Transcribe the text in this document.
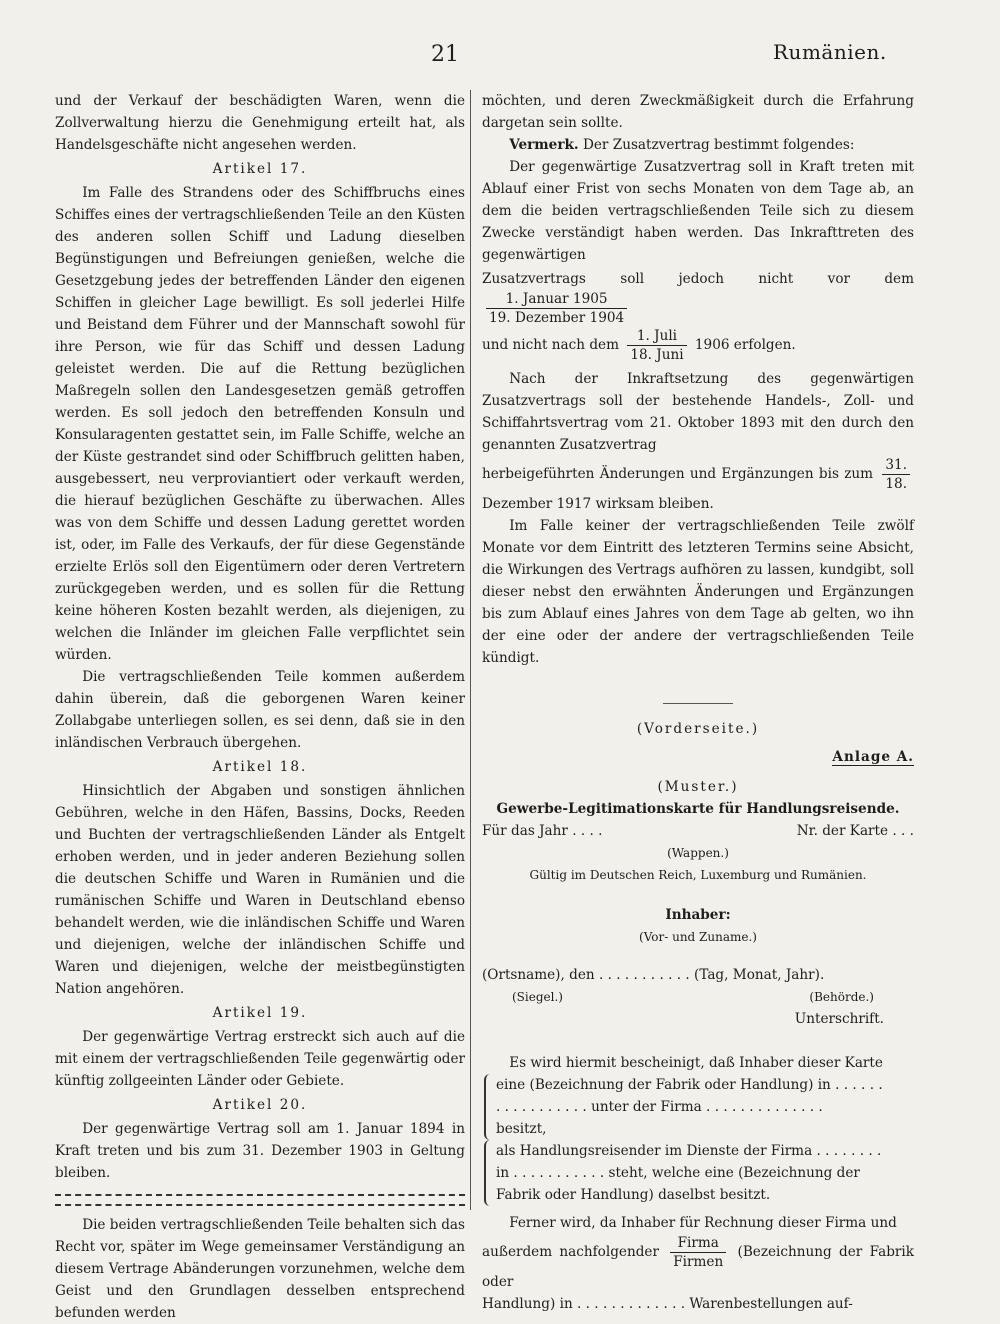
21	Rumänien.

und der Verkauf der beschädigten Waren, wenn die Zollverwaltung hierzu die Genehmigung erteilt hat, als Handelsgeschäfte nicht angesehen werden.

Artikel 17.

Im Falle des Strandens oder des Schiffbruchs eines Schiffes eines der vertragschließenden Teile an den Küsten des anderen sollen Schiff und Ladung dieselben Begünstigungen und Befreiungen genießen, welche die Gesetzgebung jedes der betreffenden Länder den eigenen Schiffen in gleicher Lage bewilligt. Es soll jederlei Hilfe und Beistand dem Führer und der Mannschaft sowohl für ihre Person, wie für das Schiff und dessen Ladung geleistet werden. Die auf die Rettung bezüglichen Maßregeln sollen den Landesgesetzen gemäß getroffen werden. Es soll jedoch den betreffenden Konsuln und Konsularagenten gestattet sein, im Falle Schiffe, welche an der Küste gestrandet sind oder Schiffbruch gelitten haben, ausgebessert, neu verproviantiert oder verkauft werden, die hierauf bezüglichen Geschäfte zu überwachen. Alles was von dem Schiffe und dessen Ladung gerettet worden ist, oder, im Falle des Verkaufs, der für diese Gegenstände erzielte Erlös soll den Eigentümern oder deren Vertretern zurückgegeben werden, und es sollen für die Rettung keine höheren Kosten bezahlt werden, als diejenigen, zu welchen die Inländer im gleichen Falle verpflichtet sein würden.

Die vertragschließenden Teile kommen außerdem dahin überein, daß die geborgenen Waren keiner Zollabgabe unterliegen sollen, es sei denn, daß sie in den inländischen Verbrauch übergehen.

Artikel 18.

Hinsichtlich der Abgaben und sonstigen ähnlichen Gebühren, welche in den Häfen, Bassins, Docks, Reeden und Buchten der vertragschließenden Länder als Entgelt erhoben werden, und in jeder anderen Beziehung sollen die deutschen Schiffe und Waren in Rumänien und die rumänischen Schiffe und Waren in Deutschland ebenso behandelt werden, wie die inländischen Schiffe und Waren und diejenigen, welche der inländischen Schiffe und Waren und diejenigen, welche der meistbegünstigten Nation angehören.

Artikel 19.

Der gegenwärtige Vertrag erstreckt sich auch auf die mit einem der vertragschließenden Teile gegenwärtig oder künftig zollgeeinten Länder oder Gebiete.

Artikel 20.

Der gegenwärtige Vertrag soll am 1. Januar 1894 in Kraft treten und bis zum 31. Dezember 1903 in Geltung bleiben.

Die beiden vertragschließenden Teile behalten sich das Recht vor, später im Wege gemeinsamer Verständigung an diesem Vertrage Abänderungen vorzunehmen, welche dem Geist und den Grundlagen desselben entsprechend befunden werden

möchten, und deren Zweckmäßigkeit durch die Erfahrung dargetan sein sollte.

Vermerk. Der Zusatzvertrag bestimmt folgendes:

Der gegenwärtige Zusatzvertrag soll in Kraft treten mit Ablauf einer Frist von sechs Monaten von dem Tage ab, an dem die beiden vertragschließenden Teile sich zu diesem Zwecke verständigt haben werden. Das Inkrafttreten des gegenwärtigen

Zusatzvertrags soll jedoch nicht vor dem
$\frac{\text{1. Januar 1905}}{\text{19. Dezember 1904}}$

und nicht nach dem $\frac{\text{1. Juli}}{\text{18. Juni}} 1906$ erfolgen.

Nach der Inkraftsetzung des gegenwärtigen Zusatzvertrags soll der bestehende Handels-, Zoll- und Schiffahrtsvertrag vom 21. Oktober 1893 mit den durch den genannten Zusatzvertrag

herbeigeführten Änderungen und Ergänzungen bis zum $\frac{31.}{18.}$
Dezember 1917 wirksam bleiben.

Im Falle keiner der vertragschließenden Teile zwölf Monate vor dem Eintritt des letzteren Termins seine Absicht, die Wirkungen des Vertrags aufhören zu lassen, kundgibt, soll dieser nebst den erwähnten Änderungen und Ergänzungen bis zum Ablauf eines Jahres von dem Tage ab gelten, wo ihn der eine oder der andere der vertragschließenden Teile kündigt.

(Vorderseite.)
Anlage A.
(Muster.)
Gewerbe-Legitimationskarte für Handlungsreisende.
Für das Jahr . . . .	Nr. der Karte . . .
(Wappen.)
Gültig im Deutschen Reich, Luxemburg und Rumänien.
Inhaber:
(Vor- und Zuname.)
(Ortsname), den . . . . . . . . . . . (Tag, Monat, Jahr).
(Siegel.)	(Behörde.)
Unterschrift.

Es wird hiermit bescheinigt, daß Inhaber dieser Karte

eine (Bezeichnung der Fabrik oder Handlung) in . . . . . .
. . . . . . . . . . . unter der Firma . . . . . . . . . . . . . .
besitzt,
als Handlungsreisender im Dienste der Firma . . . . . . . .
in . . . . . . . . . . . steht, welche eine (Bezeichnung der
Fabrik oder Handlung) daselbst besitzt.

Ferner wird, da Inhaber für Rechnung dieser Firma und

außerdem nachfolgender $\frac{\text{Firma}}{\text{Firmen}}$ (Bezeichnung der Fabrik oder

Handlung) in . . . . . . . . . . . . . Warenbestellungen auf-
